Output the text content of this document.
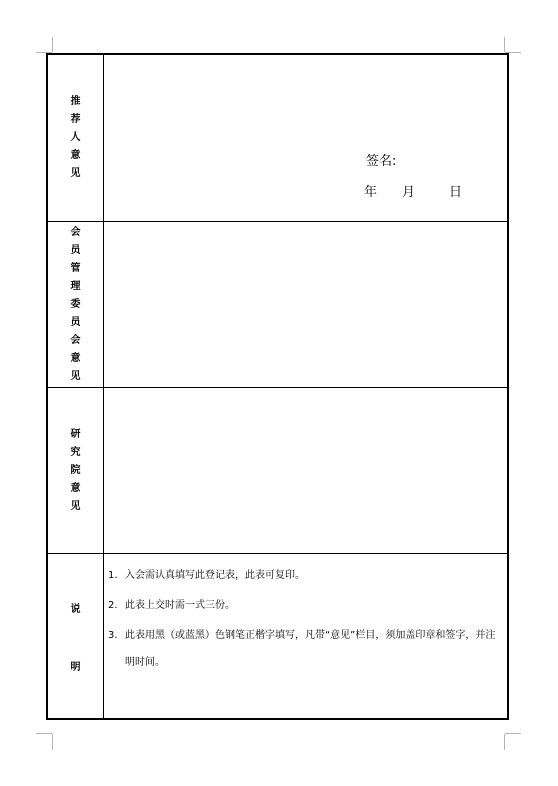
推
荐
人
意
见
签名:
年 月	日
会
员
管
理
委
员
会
意
见
研
究
院
意
见
说
明
1. 入会需认真填写此登记表，此表可复印。
2. 此表上交时需一式三份。
3. 此表用黑（或蓝黑）色钢笔正楷字填写，凡带“意见”栏目，须加盖印章和签字，并注明时间。
